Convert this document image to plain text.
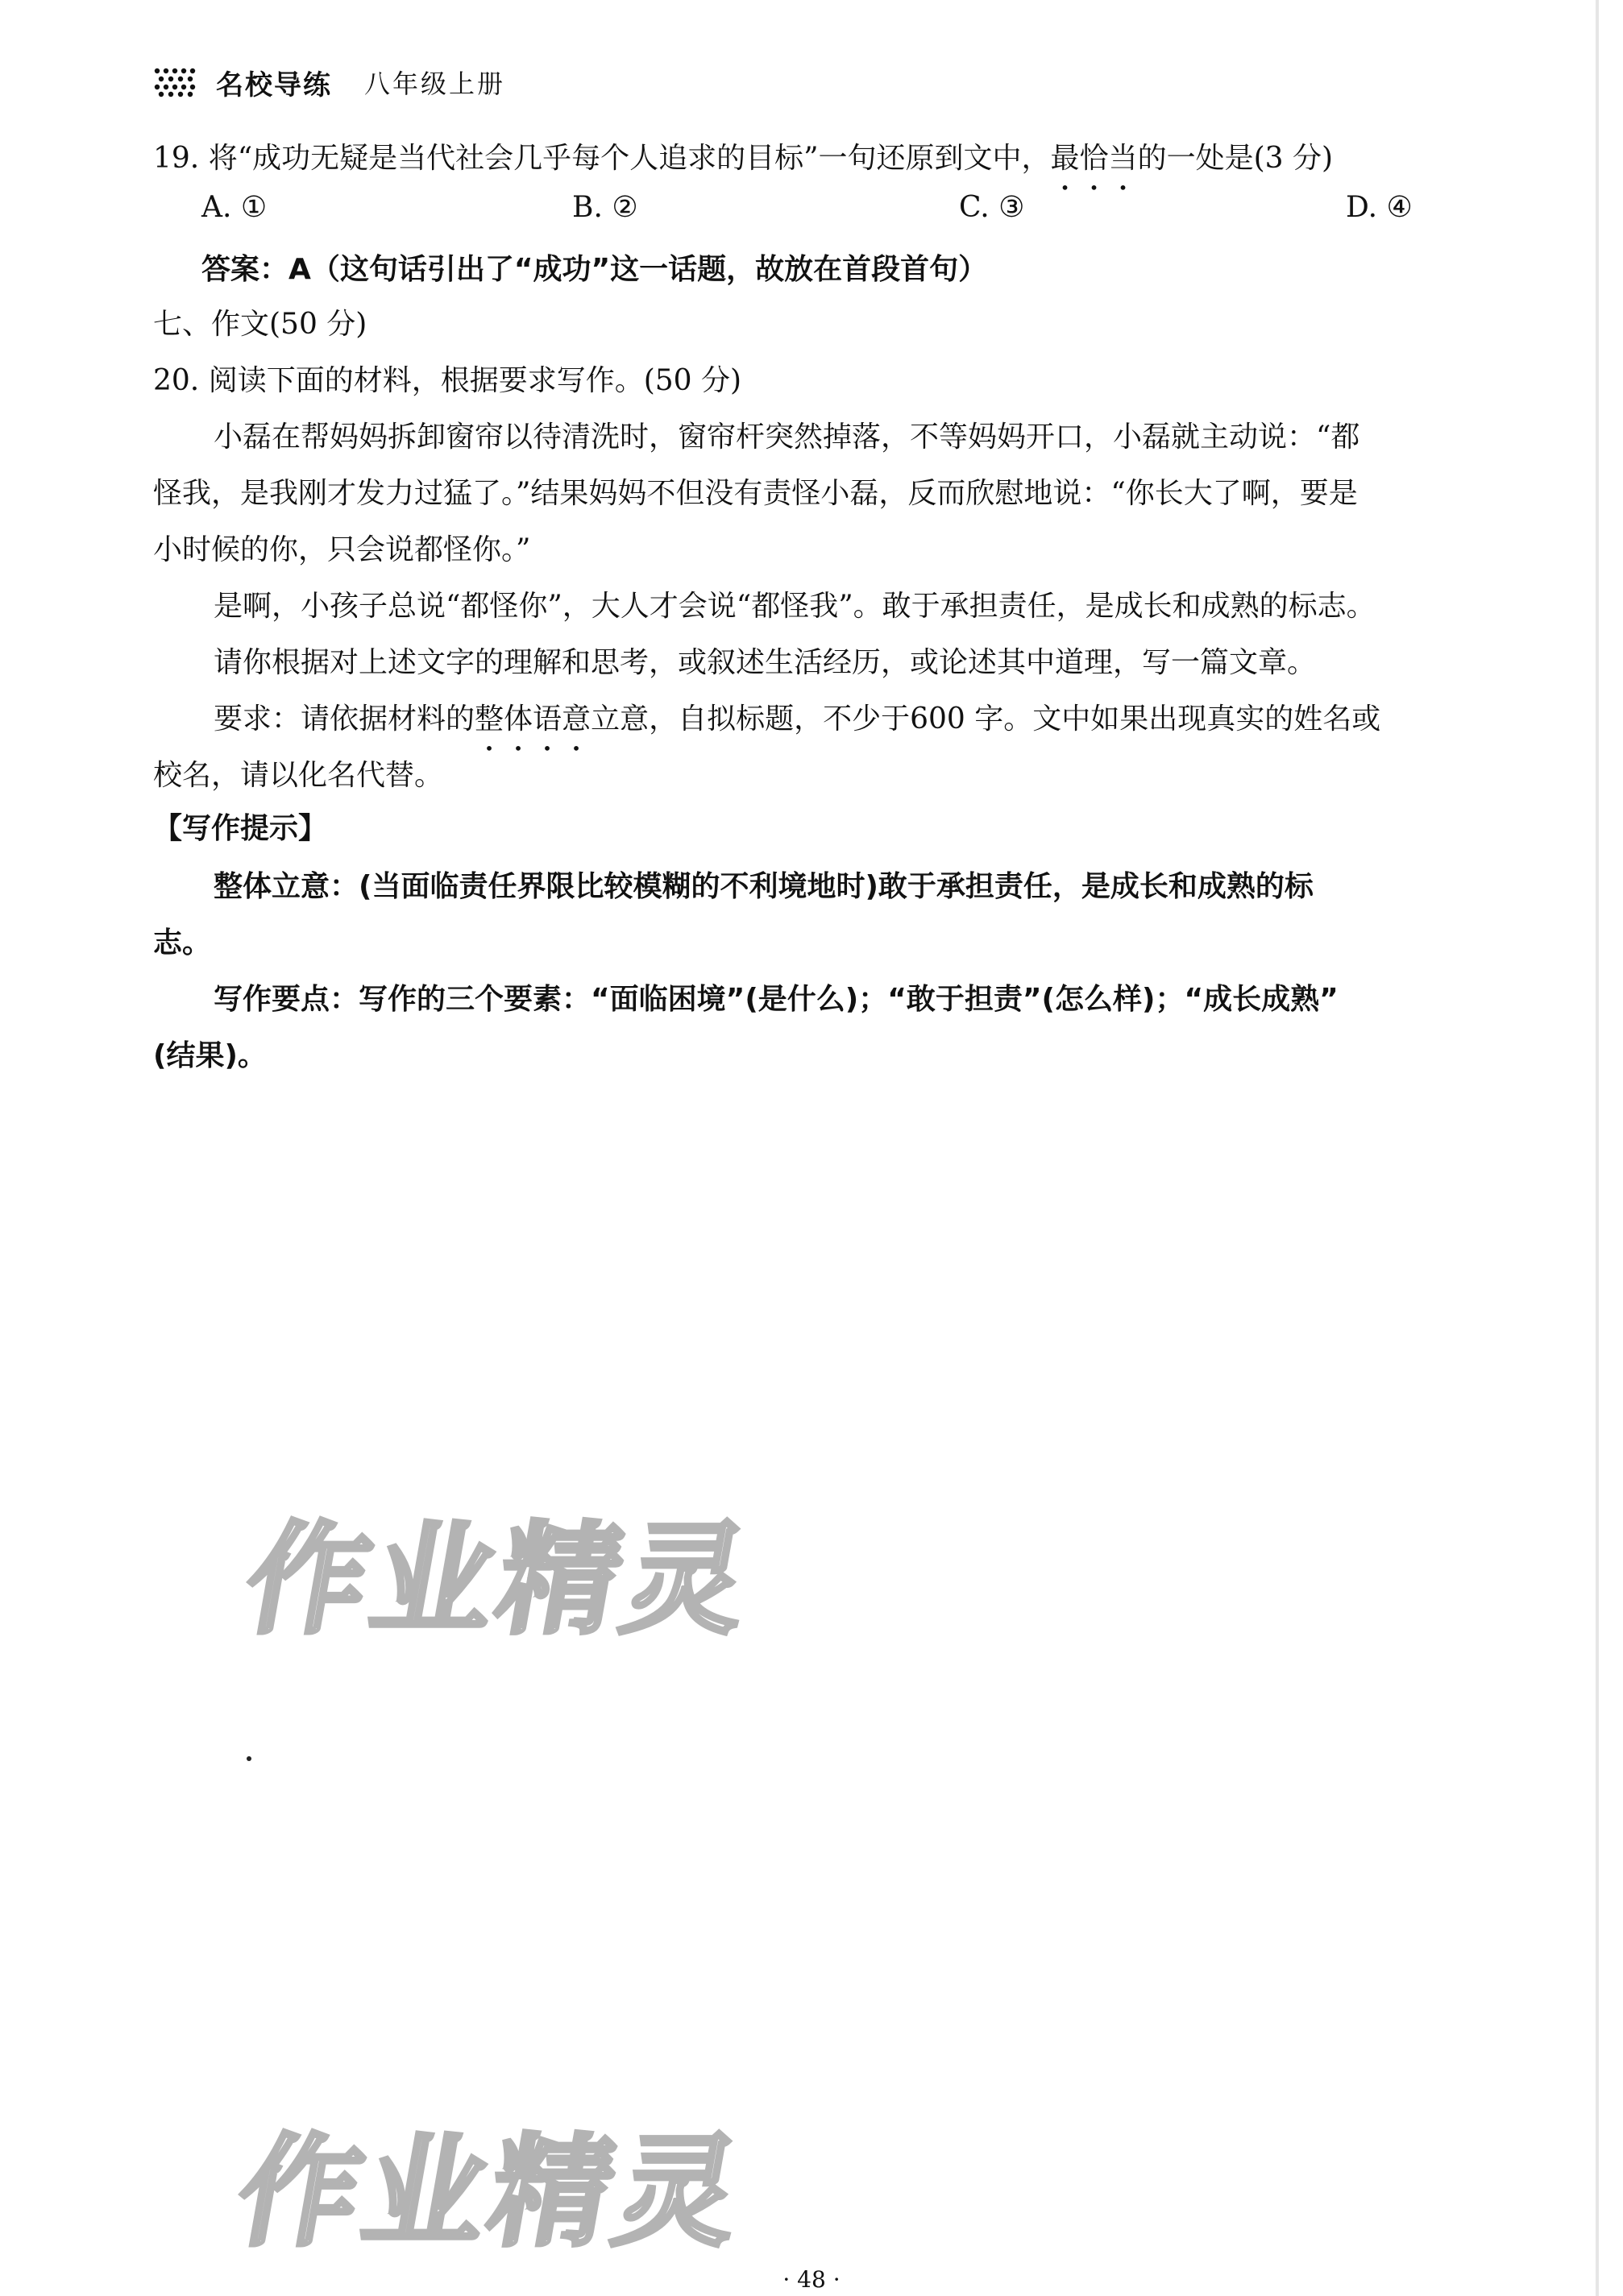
名校导练 八年级上册
19. 将“成功无疑是当代社会几乎每个人追求的目标”一句还原到文中，最恰当的一处是(3 分)
A. ①	B. ②	C. ③	D. ④
答案：A（这句话引出了“成功”这一话题，故放在首段首句）
七、作文(50 分)
20. 阅读下面的材料，根据要求写作。(50 分)
小磊在帮妈妈拆卸窗帘以待清洗时，窗帘杆突然掉落，不等妈妈开口，小磊就主动说：“都
怪我，是我刚才发力过猛了。”结果妈妈不但没有责怪小磊，反而欣慰地说：“你长大了啊，要是
小时候的你，只会说都怪你。”
是啊，小孩子总说“都怪你”，大人才会说“都怪我”。敢于承担责任，是成长和成熟的标志。
请你根据对上述文字的理解和思考，或叙述生活经历，或论述其中道理，写一篇文章。
要求：请依据材料的整体语意立意，自拟标题，不少于600 字。文中如果出现真实的姓名或
校名，请以化名代替。
【写作提示】
整体立意：(当面临责任界限比较模糊的不利境地时)敢于承担责任，是成长和成熟的标
志。
写作要点：写作的三个要素：“面临困境”(是什么)；“敢于担责”(怎么样)；“成长成熟”
(结果)。
作业精灵
作业精灵
· 48 ·
